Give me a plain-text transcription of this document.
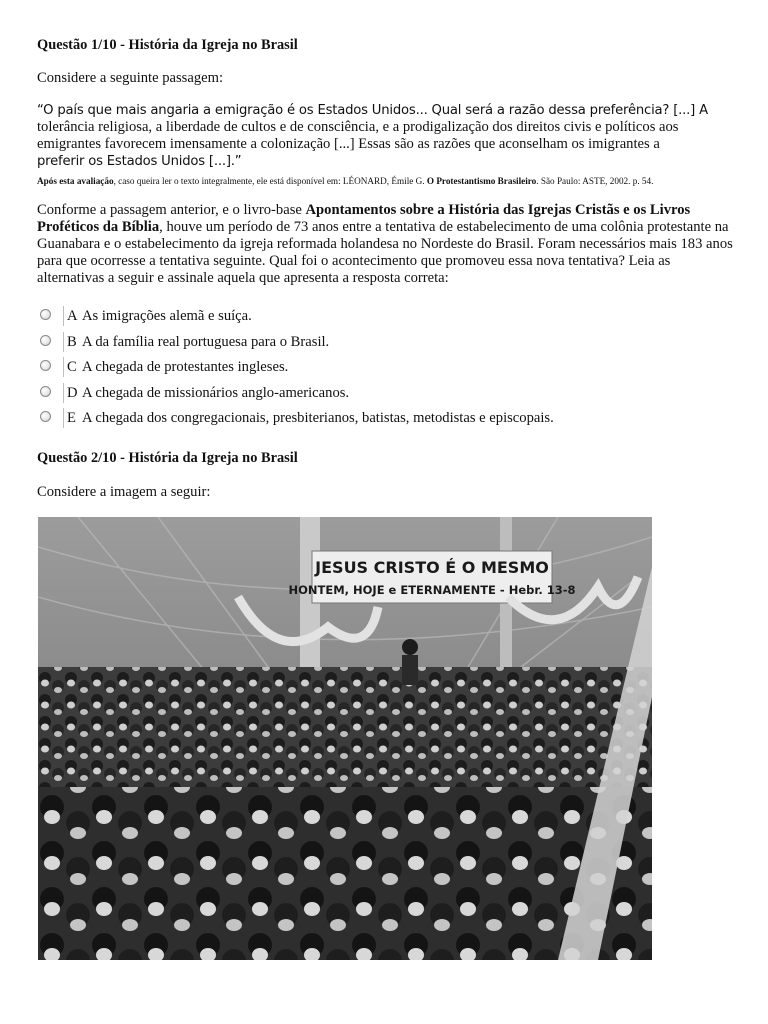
Questão 1/10 - História da Igreja no Brasil
Considere a seguinte passagem:
“O país que mais angaria a emigração é os Estados Unidos... Qual será a razão dessa preferência? [...] A
tolerância religiosa, a liberdade de cultos e de consciência, e a prodigalização dos direitos civis e políticos aos
emigrantes favorecem imensamente a colonização [...] Essas são as razões que aconselham os imigrantes a
preferir os Estados Unidos [...].”
Após esta avaliação, caso queira ler o texto integralmente, ele está disponível em: LÉONARD, Émile G. O Protestantismo Brasileiro. São Paulo: ASTE, 2002. p. 54.
Conforme a passagem anterior, e o livro-base Apontamentos sobre a História das Igrejas Cristãs e os Livros Proféticos da Bíblia, houve um período de 73 anos entre a tentativa de estabelecimento de uma colônia protestante na Guanabara e o estabelecimento da igreja reformada holandesa no Nordeste do Brasil. Foram necessários mais 183 anos para que ocorresse a tentativa seguinte. Qual foi o acontecimento que promoveu essa nova tentativa? Leia as alternativas a seguir e assinale aquela que apresenta a resposta correta:
A As imigrações alemã e suíça.
B A da família real portuguesa para o Brasil.
C A chegada de protestantes ingleses.
D A chegada de missionários anglo-americanos.
E A chegada dos congregacionais, presbiterianos, batistas, metodistas e episcopais.
Questão 2/10 - História da Igreja no Brasil
Considere a imagem a seguir:
JESUS CRISTO É O MESMO
HONTEM, HOJE e ETERNAMENTE - Hebr. 13-8
